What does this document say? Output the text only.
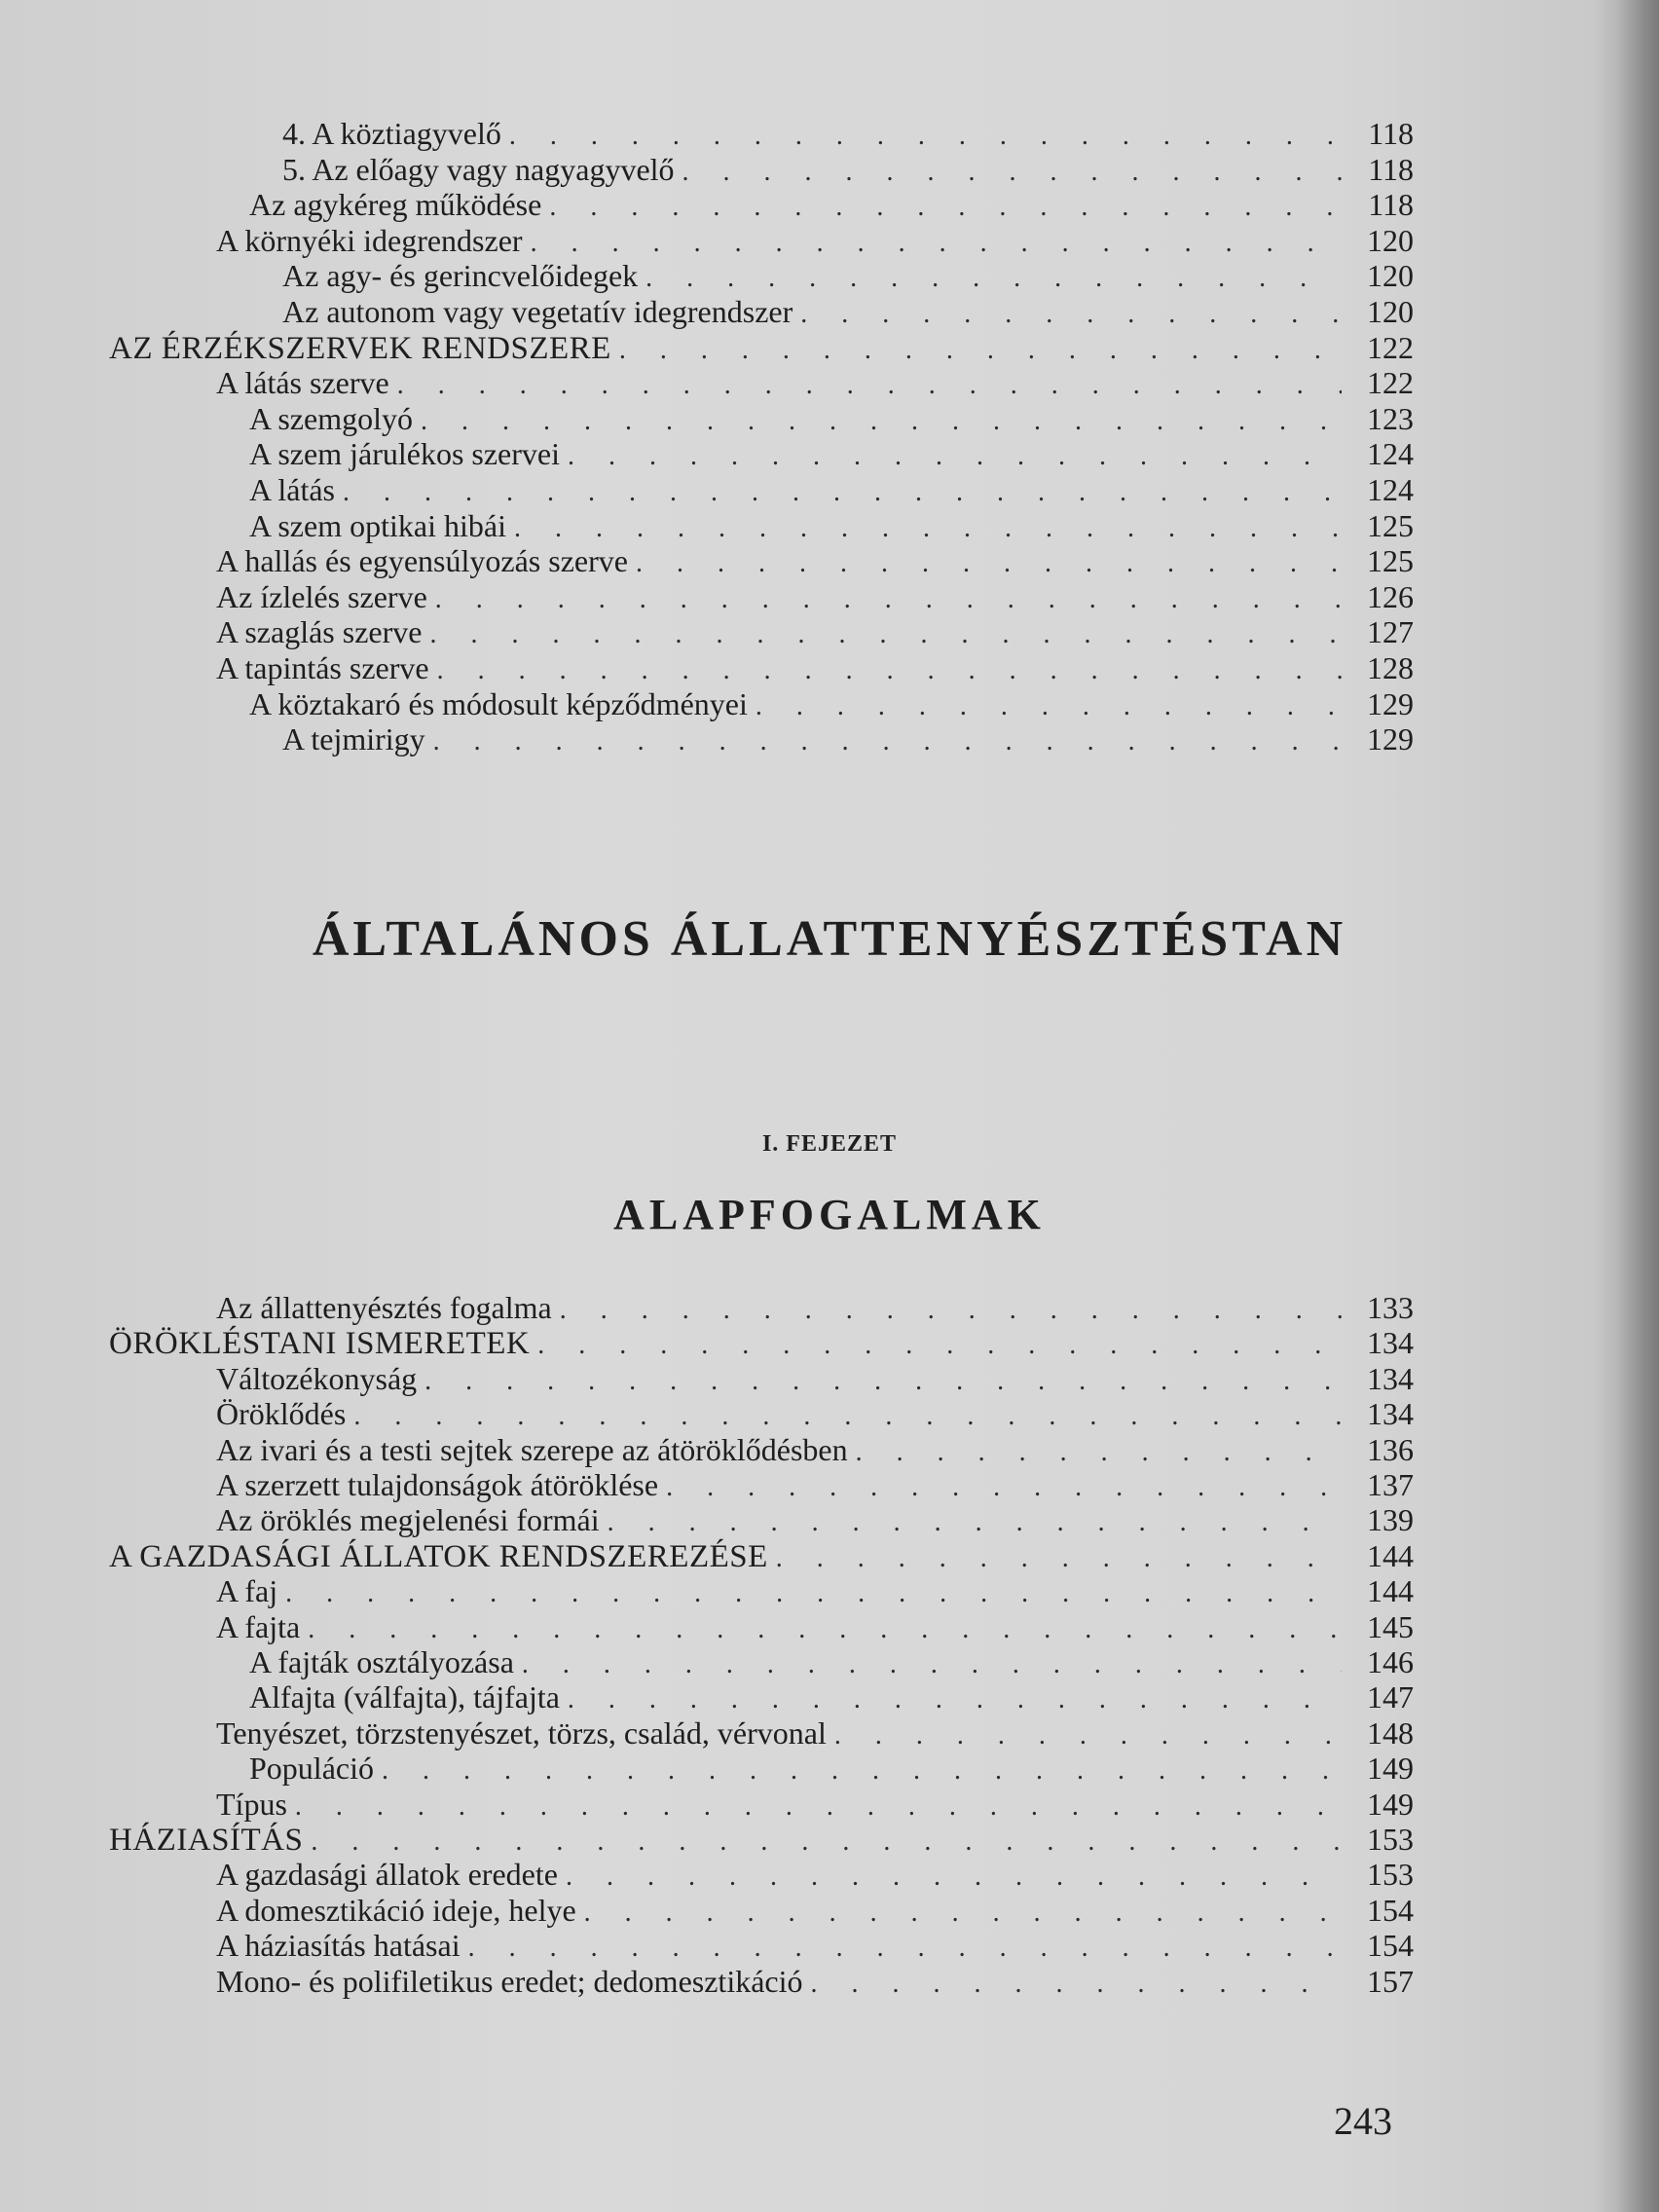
4. A köztiagyvelő . . .	118
5. Az előagy vagy nagyagyvelő . . .	118
Az agykéreg működése . . .	118
A környéki idegrendszer . . .	120
Az agy- és gerincvelőidegek . . .	120
Az autonom vagy vegetatív idegrendszer . . .	120
AZ ÉRZÉKSZERVEK RENDSZERE . . .	122
A látás szerve . . .	122
A szemgolyó . . .	123
A szem járulékos szervei . . .	124
A látás . . .	124
A szem optikai hibái . . .	125
A hallás és egyensúlyozás szerve . . .	125
Az ízlelés szerve . . .	126
A szaglás szerve . . .	127
A tapintás szerve . . .	128
A köztakaró és módosult képződményei . . .	129
A tejmirigy . . .	129
ÁLTALÁNOS ÁLLATTENYÉSZTÉSTAN
I. FEJEZET
ALAPFOGALMAK
Az állattenyésztés fogalma . . .	133
ÖRÖKLÉSTANI ISMERETEK . . .	134
Változékonyság . . .	134
Öröklődés . . .	134
Az ivari és a testi sejtek szerepe az átöröklődésben . . .	136
A szerzett tulajdonságok átöröklése . . .	137
Az öröklés megjelenési formái . . .	139
A GAZDASÁGI ÁLLATOK RENDSZEREZÉSE . . .	144
A faj . . .	144
A fajta . . .	145
A fajták osztályozása . . .	146
Alfajta (válfajta), tájfajta . . .	147
Tenyészet, törzstenyészet, törzs, család, vérvonal . . .	148
Populáció . . .	149
Típus . . .	149
HÁZIASÍTÁS . . .	153
A gazdasági állatok eredete . . .	153
A domesztikáció ideje, helye . . .	154
A háziasítás hatásai . . .	154
Mono- és polifiletikus eredet; dedomesztikáció . . .	157
243
